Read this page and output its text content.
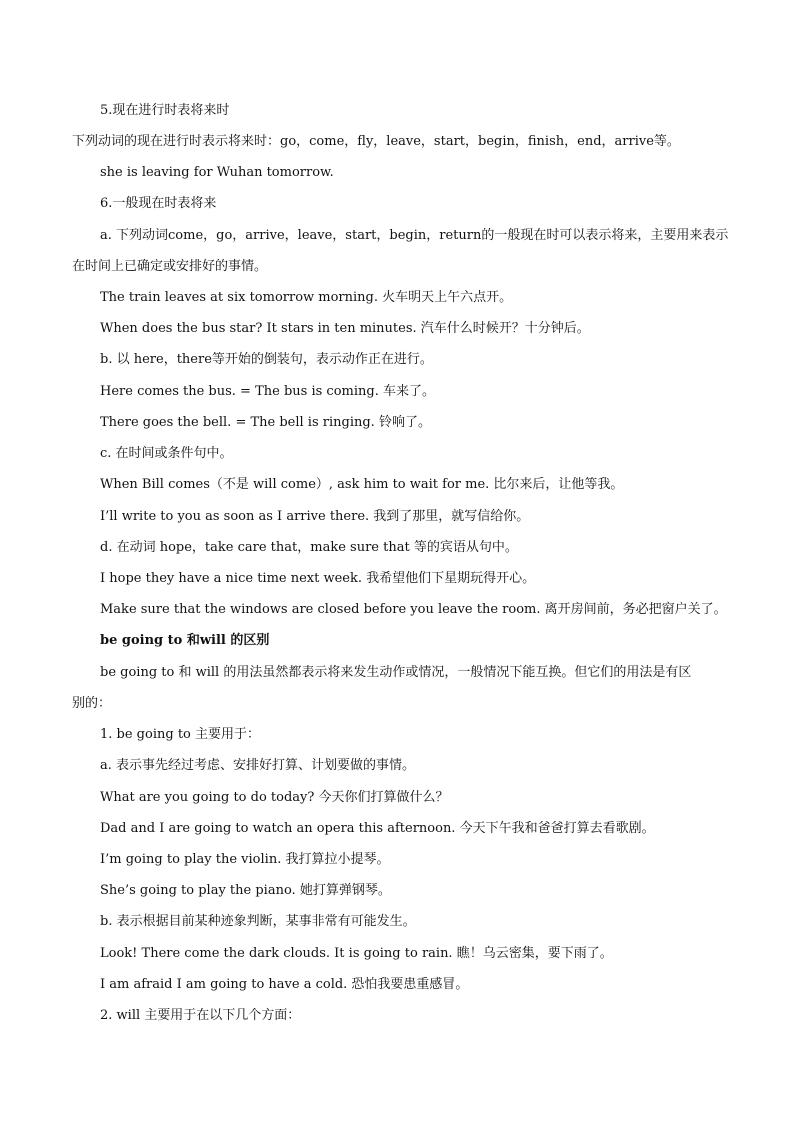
5.现在进行时表将来时
下列动词的现在进行时表示将来时：go，come，fly，leave，start，begin，finish，end，arrive等。
she is leaving for Wuhan tomorrow.
6.一般现在时表将来
a. 下列动词come，go，arrive，leave，start，begin，return的一般现在时可以表示将来，主要用来表示
在时间上已确定或安排好的事情。
The train leaves at six tomorrow morning. 火车明天上午六点开。
When does the bus star? It stars in ten minutes. 汽车什么时候开？十分钟后。
b. 以 here，there等开始的倒装句，表示动作正在进行。
Here comes the bus. = The bus is coming. 车来了。
There goes the bell. = The bell is ringing. 铃响了。
c. 在时间或条件句中。
When Bill comes（不是 will come）, ask him to wait for me. 比尔来后，让他等我。
I’ll write to you as soon as I arrive there. 我到了那里，就写信给你。
d. 在动词 hope，take care that，make sure that 等的宾语从句中。
I hope they have a nice time next week. 我希望他们下星期玩得开心。
Make sure that the windows are closed before you leave the room. 离开房间前，务必把窗户关了。
be going to 和will 的区别
be going to 和 will 的用法虽然都表示将来发生动作或情况，一般情况下能互换。但它们的用法是有区
别的：
1. be going to 主要用于：
a. 表示事先经过考虑、安排好打算、计划要做的事情。
What are you going to do today? 今天你们打算做什么？
Dad and I are going to watch an opera this afternoon. 今天下午我和爸爸打算去看歌剧。
I’m going to play the violin. 我打算拉小提琴。
She’s going to play the piano. 她打算弹钢琴。
b. 表示根据目前某种迹象判断，某事非常有可能发生。
Look! There come the dark clouds. It is going to rain. 瞧！乌云密集，要下雨了。
I am afraid I am going to have a cold. 恐怕我要患重感冒。
2. will 主要用于在以下几个方面：
